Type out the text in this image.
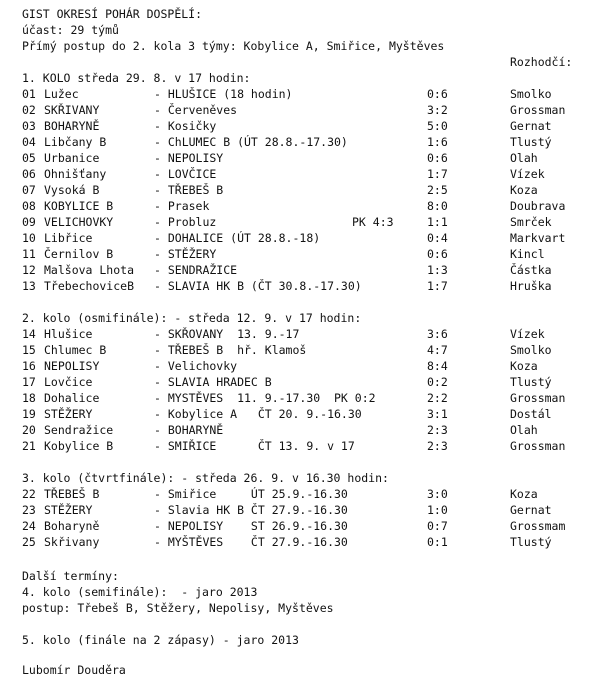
GIST OKRESÍ POHÁR DOSPĚLÍ:
účast: 29 týmů
Přímý postup do 2. kola 3 týmy: Kobylice A, Smiřice, Myštěves
Rozhodčí:
1. KOLO středa 29. 8. v 17 hodin:
01 Lužec	- HLUŠICE (18 hodin)	0:6	Smolko
02 SKŘIVANY	- Červeněves	3:2	Grossman
03 BOHARYNĚ	- Kosičky	5:0	Gernat
04 Libčany B	- ChLUMEC B (ÚT 28.8.-17.30)	1:6	Tlustý
05 Urbanice	- NEPOLISY	0:6	Olah
06 Ohnišťany	- LOVČICE	1:7	Vízek
07 Vysoká B	- TŘEBEŠ B	2:5	Koza
08 KOBYLICE B	- Prasek	8:0	Doubrava
09 VELICHOVKY	- Probluz	PK 4:3	1:1	Smrček
10 Libřice	- DOHALICE (ÚT 28.8.-18)	0:4	Markvart
11 Černilov B	- STĚŽERY	0:6	Kincl
12 Malšova Lhota - SENDRAŽICE	1:3	Částka
13 TřebechoviceB - SLAVIA HK B (ČT 30.8.-17.30)	1:7	Hruška
2. kolo (osmifinále): - středa 12. 9. v 17 hodin:
14 Hlušice	- SKŘOVANY  13. 9.-17	3:6	Vízek
15 Chlumec B	- TŘEBEŠ B  hř. Klamoš	4:7	Smolko
16 NEPOLISY	- Velichovky	8:4	Koza
17 Lovčice	- SLAVIA HRADEC B	0:2	Tlustý
18 Dohalice	- MYSTĚVES  11. 9.-17.30  PK 0:2	2:2	Grossman
19 STĚŽERY	- Kobylice A   ČT 20. 9.-16.30	3:1	Dostál
20 Sendražice	- BOHARYNĚ	2:3	Olah
21 Kobylice B	- SMIŘICE      ČT 13. 9. v 17	2:3	Grossman
3. kolo (čtvrtfinále): - středa 26. 9. v 16.30 hodin:
22 TŘEBEŠ B	- Smiřice     ÚT 25.9.-16.30	3:0	Koza
23 STĚŽERY	- Slavia HK B ČT 27.9.-16.30	1:0	Gernat
24 Boharyně	- NEPOLISY    ST 26.9.-16.30	0:7	Grossmam
25 Skřivany	- MYŠTĚVES    ČT 27.9.-16.30	0:1	Tlustý
Další termíny:
4. kolo (semifinále):  - jaro 2013
postup: Třebeš B, Stěžery, Nepolisy, Myštěves
5. kolo (finále na 2 zápasy) - jaro 2013
Lubomír Douděra
